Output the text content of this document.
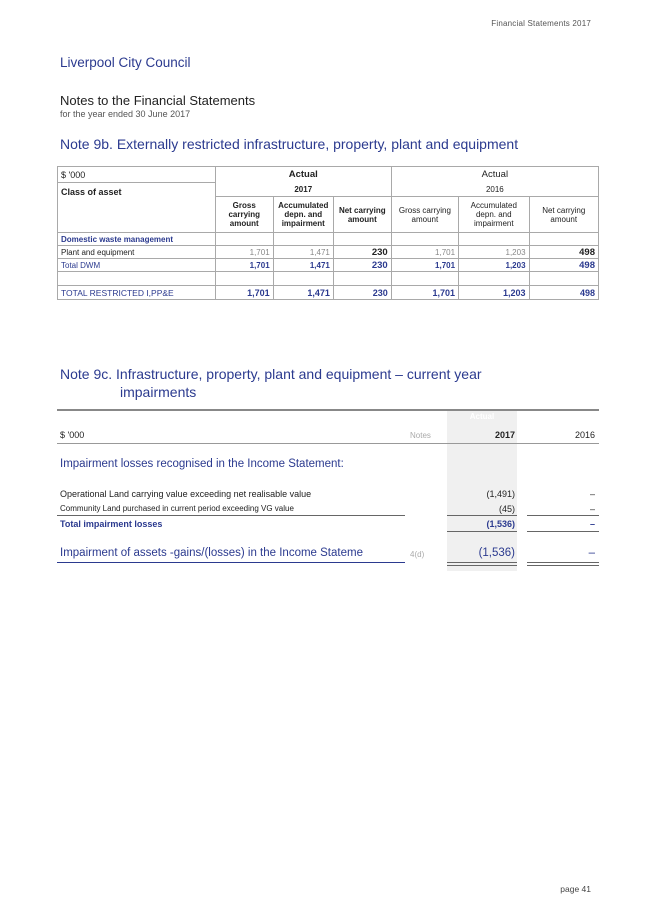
Financial Statements 2017
Liverpool City Council
Notes to the Financial Statements
for the year ended 30 June 2017
Note 9b. Externally restricted infrastructure, property, plant and equipment
$ '000	Actual			Actual		
Class of asset	2017			2016		
	Gross carrying amount	Accumulated depn. and impairment	Net carrying amount	Gross carrying amount	Accumulated depn. and impairment	Net carrying amount
Domestic waste management						
Plant and equipment	1,701	1,471	230	1,701	1,203	498
Total DWM	1,701	1,471	230	1,701	1,203	498

TOTAL RESTRICTED I,PP&E	1,701	1,471	230	1,701	1,203	498
Note 9c. Infrastructure, property, plant and equipment – current year
impairments
Actual
$ '000	Notes	2017	2016
Impairment losses recognised in the Income Statement:
Operational Land carrying value exceeding net realisable value	(1,491)	–
Community Land purchased in current period exceeding VG value	(45)	–
Total impairment losses	(1,536)	–
Impairment of assets -gains/(losses) in the Income Stateme	4(d)	(1,536)	–
page 41
